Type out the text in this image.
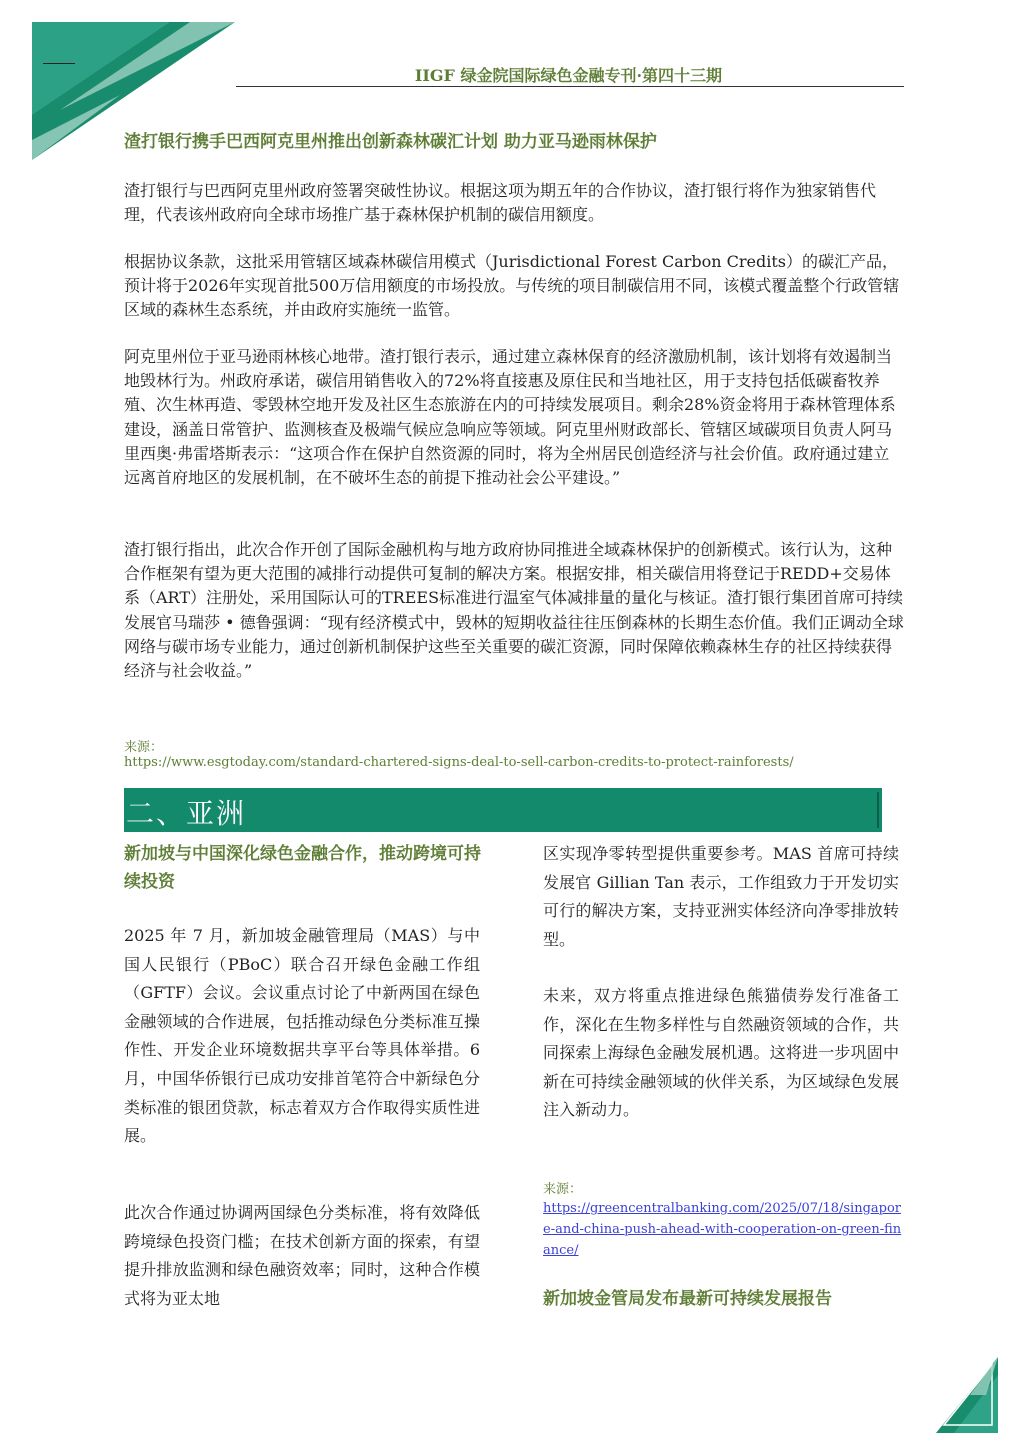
IIGF 绿金院国际绿色金融专刊·第四十三期
渣打银行携手巴西阿克里州推出创新森林碳汇计划 助力亚马逊雨林保护

渣打银行与巴西阿克里州政府签署突破性协议。根据这项为期五年的合作协议，渣打银行将作为独家销售代理，代表该州政府向全球市场推广基于森林保护机制的碳信用额度。

根据协议条款，这批采用管辖区域森林碳信用模式（Jurisdictional Forest Carbon Credits）的碳汇产品，预计将于2026年实现首批500万信用额度的市场投放。与传统的项目制碳信用不同，该模式覆盖整个行政管辖区域的森林生态系统，并由政府实施统一监管。

阿克里州位于亚马逊雨林核心地带。渣打银行表示，通过建立森林保育的经济激励机制，该计划将有效遏制当地毁林行为。州政府承诺，碳信用销售收入的72%将直接惠及原住民和当地社区，用于支持包括低碳畜牧养殖、次生林再造、零毁林空地开发及社区生态旅游在内的可持续发展项目。剩余28%资金将用于森林管理体系建设，涵盖日常管护、监测核查及极端气候应急响应等领域。阿克里州财政部长、管辖区域碳项目负责人阿马里西奥·弗雷塔斯表示：“这项合作在保护自然资源的同时，将为全州居民创造经济与社会价值。政府通过建立远离首府地区的发展机制，在不破坏生态的前提下推动社会公平建设。”

渣打银行指出，此次合作开创了国际金融机构与地方政府协同推进全域森林保护的创新模式。该行认为，这种合作框架有望为更大范围的减排行动提供可复制的解决方案。根据安排，相关碳信用将登记于REDD+交易体系（ART）注册处，采用国际认可的TREES标准进行温室气体减排量的量化与核证。渣打银行集团首席可持续发展官马瑞莎 • 德鲁强调：“现有经济模式中，毁林的短期收益往往压倒森林的长期生态价值。我们正调动全球网络与碳市场专业能力，通过创新机制保护这些至关重要的碳汇资源，同时保障依赖森林生存的社区持续获得经济与社会收益。”

来源：

https://www.esgtoday.com/standard-chartered-signs-deal-to-sell-carbon-credits-to-protect-rainforests/

二、亚洲
新加坡与中国深化绿色金融合作，推动跨境可持续投资

2025 年 7 月，新加坡金融管理局（MAS）与中国人民银行（PBoC）联合召开绿色金融工作组（GFTF）会议。会议重点讨论了中新两国在绿色金融领域的合作进展，包括推动绿色分类标准互操作性、开发企业环境数据共享平台等具体举措。6 月，中国华侨银行已成功安排首笔符合中新绿色分类标准的银团贷款，标志着双方合作取得实质性进展。

此次合作通过协调两国绿色分类标准，将有效降低跨境绿色投资门槛；在技术创新方面的探索，有望提升排放监测和绿色融资效率；同时，这种合作模式将为亚太地

区实现净零转型提供重要参考。MAS 首席可持续发展官 Gillian Tan 表示，工作组致力于开发切实可行的解决方案，支持亚洲实体经济向净零排放转型。

未来，双方将重点推进绿色熊猫债券发行准备工作，深化在生物多样性与自然融资领域的合作，共同探索上海绿色金融发展机遇。这将进一步巩固中新在可持续金融领域的伙伴关系，为区域绿色发展注入新动力。

来源：

https://greencentralbanking.com/2025/07/18/singapore-and-china-push-ahead-with-cooperation-on-green-finance/

新加坡金管局发布最新可持续发展报告
